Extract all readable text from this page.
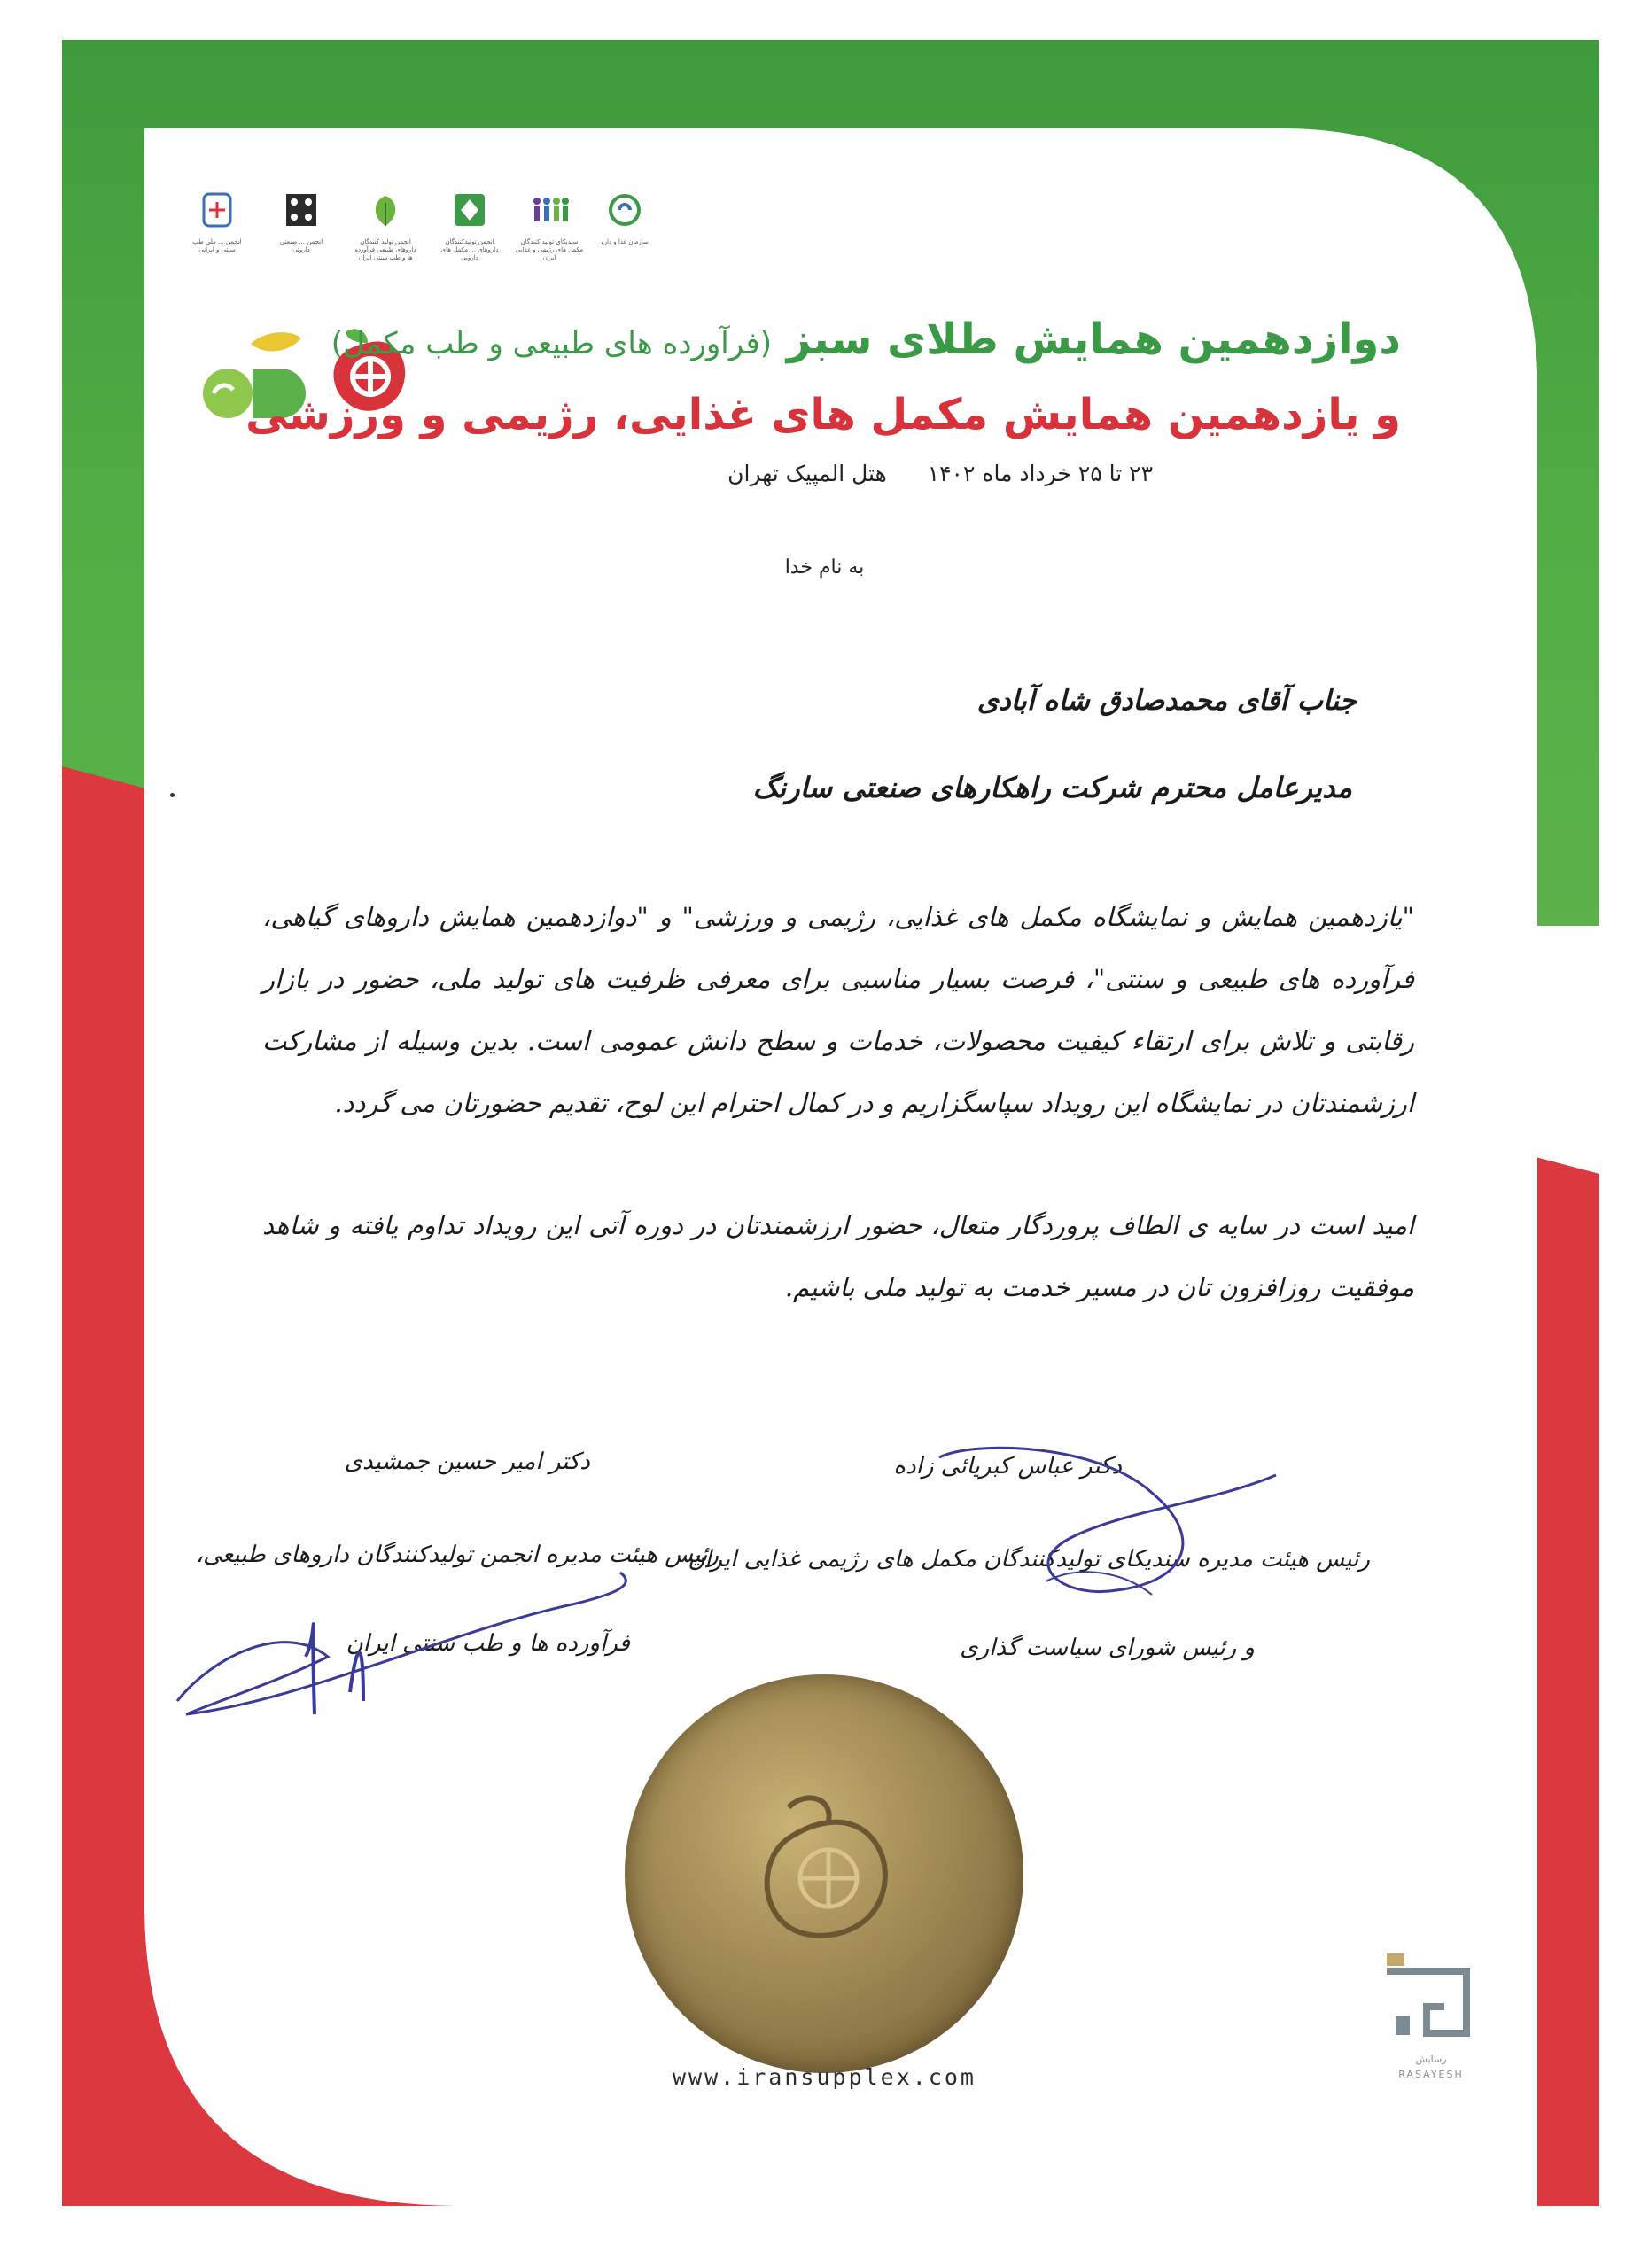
انجمن ... ملی طب سنتی و ایرانی
انجمن ... صنعتی داروئی
انجمن تولید کنندگان داروهای طبیعی فرآورده ها و طب سنتی ایران
انجمن تولیدکنندگان داروهای ... مکمل های دارویی
سندیکای تولید کنندگان مکمل های رژیمی و غذایی ایران
سازمان غذا و دارو
دوازدهمین همایش طلای سبز (فرآورده های طبیعی و طب مکمل)
و یازدهمین همایش مکمل های غذایی، رژیمی و ورزشی
۲۳ تا ۲۵ خرداد ماه ۱۴۰۲  هتل المپیک تهران
به نام خدا
جناب آقای محمدصادق شاه آبادی
مدیرعامل محترم شرکت راهکارهای صنعتی سارنگ
"یازدهمین همایش و نمایشگاه مکمل های غذایی، رژیمی و ورزشی" و "دوازدهمین همایش داروهای گیاهی، فرآورده های طبیعی و سنتی"، فرصت بسیار مناسبی برای معرفی ظرفیت های تولید ملی، حضور در بازار رقابتی و تلاش برای ارتقاء کیفیت محصولات، خدمات و سطح دانش عمومی است. بدین وسیله از مشارکت ارزشمندتان در نمایشگاه این رویداد سپاسگزاریم و در کمال احترام این لوح، تقدیم حضورتان می گردد.
امید است در سایه ی الطاف پروردگار متعال، حضور ارزشمندتان در دوره آتی این رویداد تداوم یافته و شاهد موفقیت روزافزون تان در مسیر خدمت به تولید ملی باشیم.
دکتر امیر حسین جمشیدی
رئیس هیئت مدیره انجمن تولیدکنندگان داروهای طبیعی،
فرآورده ها و طب سنتی ایران
دکتر عباس کبریائی زاده
رئیس هیئت مدیره سندیکای تولیدکنندگان مکمل های رژیمی غذایی ایران
و رئیس شورای سیاست گذاری
www.iransupplex.com
رسایش
RASAYESH
